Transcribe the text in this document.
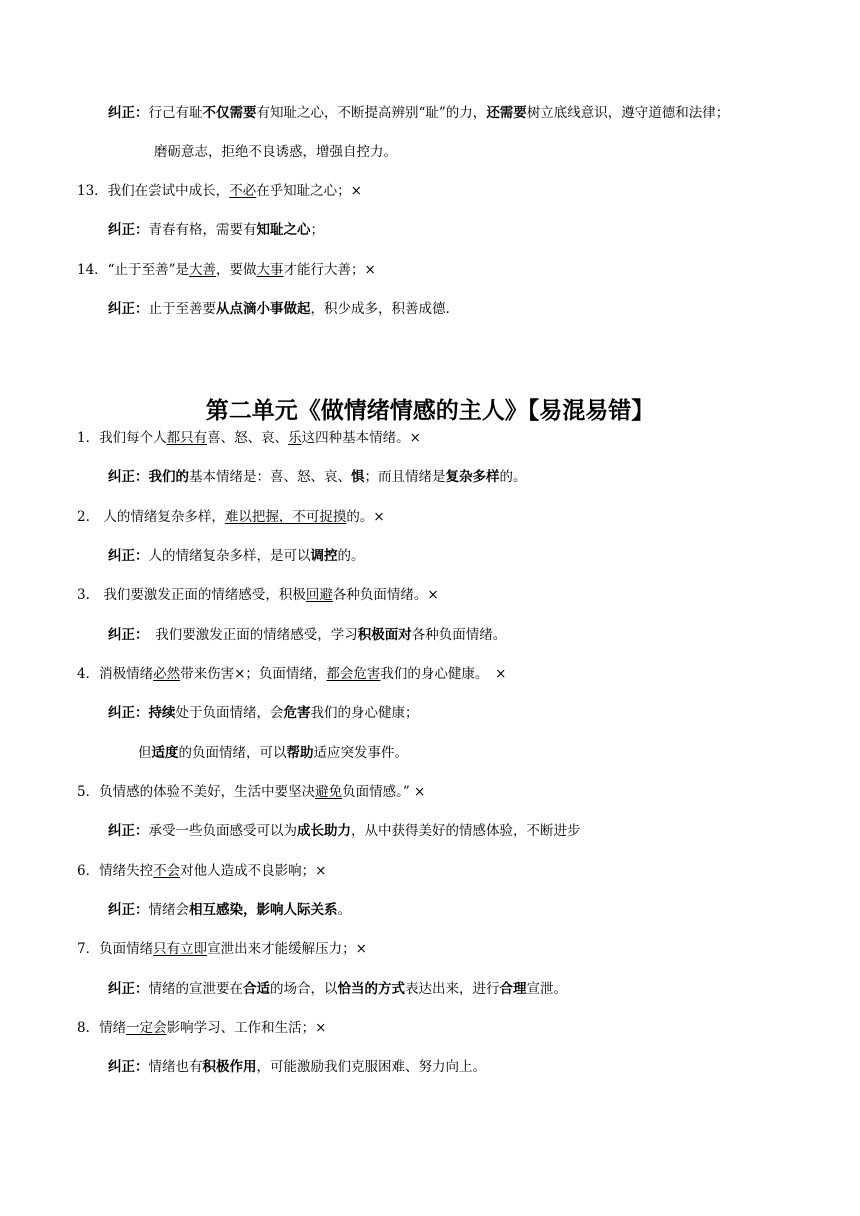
纠正：行己有耻不仅需要有知耻之心，不断提高辨别“耻”的力，还需要树立底线意识，遵守道德和法律；
磨砺意志，拒绝不良诱惑，增强自控力。
13．我们在尝试中成长，不必在乎知耻之心；×
纠正：青春有格，需要有知耻之心；
14．“止于至善”是大善，要做大事才能行大善；×
纠正：止于至善要从点滴小事做起，积少成多，积善成德.
第二单元《做情绪情感的主人》【易混易错】
1．我们每个人都只有喜、怒、哀、乐这四种基本情绪。×
纠正：我们的基本情绪是：喜、怒、哀、惧；而且情绪是复杂多样的。
2.　人的情绪复杂多样，难以把握，不可捉摸的。×
纠正：人的情绪复杂多样，是可以调控的。
3.　我们要激发正面的情绪感受，积极回避各种负面情绪。×
纠正：　我们要激发正面的情绪感受，学习积极面对各种负面情绪。
4．消极情绪必然带来伤害×；负面情绪，都会危害我们的身心健康。　×
纠正：持续处于负面情绪，会危害我们的身心健康；
但适度的负面情绪，可以帮助适应突发事件。
5．负情感的体验不美好，生活中要坚决避免负面情感。” ×
纠正：承受一些负面感受可以为成长助力，从中获得美好的情感体验，不断进步
6．情绪失控不会对他人造成不良影响；×
纠正：情绪会相互感染，影响人际关系。
7．负面情绪只有立即宣泄出来才能缓解压力；×
纠正：情绪的宣泄要在合适的场合，以恰当的方式表达出来，进行合理宣泄。
8．情绪一定会影响学习、工作和生活；×
纠正：情绪也有积极作用，可能激励我们克服困难、努力向上。
